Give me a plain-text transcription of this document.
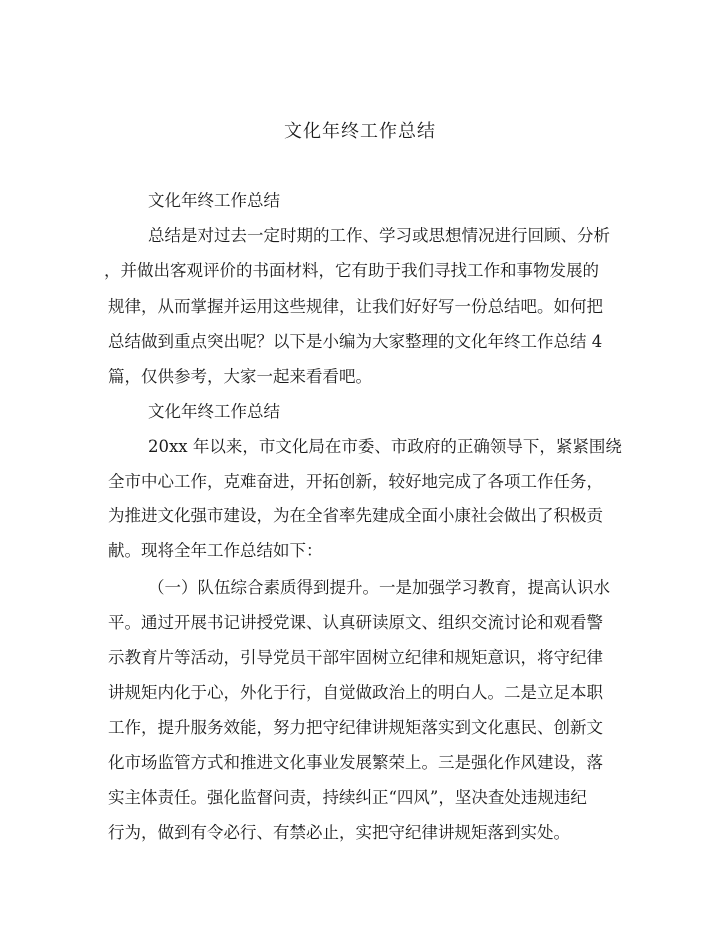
文化年终工作总结
文化年终工作总结
总结是对过去一定时期的工作、学习或思想情况进行回顾、分析
，并做出客观评价的书面材料，它有助于我们寻找工作和事物发展的
规律，从而掌握并运用这些规律，让我们好好写一份总结吧。如何把
总结做到重点突出呢？以下是小编为大家整理的文化年终工作总结 4
篇，仅供参考，大家一起来看看吧。
文化年终工作总结
20xx 年以来，市文化局在市委、市政府的正确领导下，紧紧围绕
全市中心工作，克难奋进，开拓创新，较好地完成了各项工作任务，
为推进文化强市建设，为在全省率先建成全面小康社会做出了积极贡
献。现将全年工作总结如下：
（一）队伍综合素质得到提升。一是加强学习教育，提高认识水
平。通过开展书记讲授党课、认真研读原文、组织交流讨论和观看警
示教育片等活动，引导党员干部牢固树立纪律和规矩意识，将守纪律
讲规矩内化于心，外化于行，自觉做政治上的明白人。二是立足本职
工作，提升服务效能，努力把守纪律讲规矩落实到文化惠民、创新文
化市场监管方式和推进文化事业发展繁荣上。三是强化作风建设，落
实主体责任。强化监督问责，持续纠正“四风”，坚决查处违规违纪
行为，做到有令必行、有禁必止，实把守纪律讲规矩落到实处。
